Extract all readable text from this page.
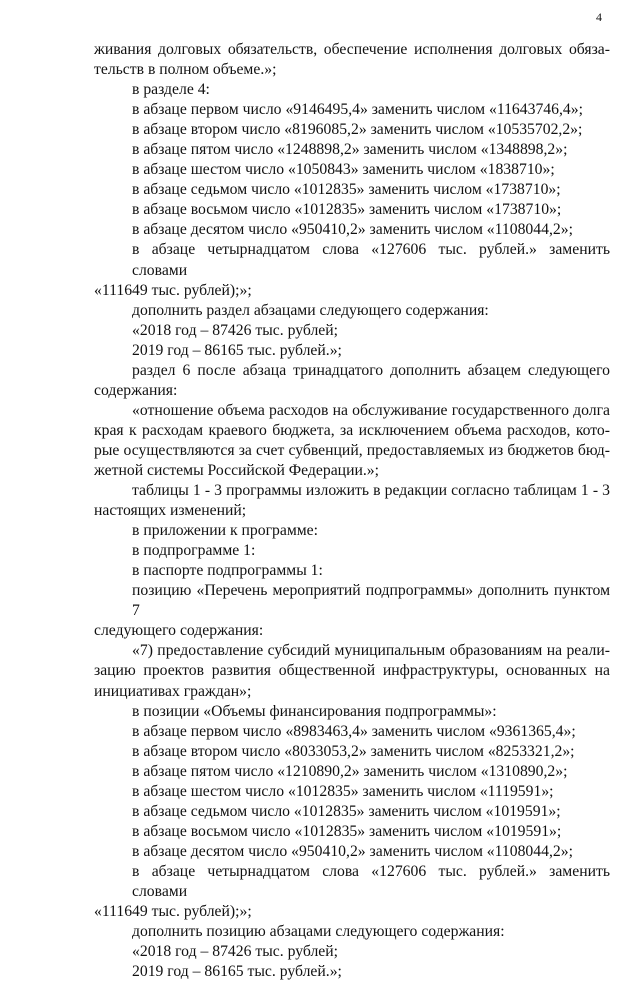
4
живания долговых обязательств, обеспечение исполнения долговых обяза-
тельств в полном объеме.»;
в разделе 4:
в абзаце первом число «9146495,4» заменить числом «11643746,4»;
в абзаце втором число «8196085,2» заменить числом «10535702,2»;
в абзаце пятом число «1248898,2» заменить числом «1348898,2»;
в абзаце шестом число «1050843» заменить числом «1838710»;
в абзаце седьмом число «1012835» заменить числом «1738710»;
в абзаце восьмом число «1012835» заменить числом «1738710»;
в абзаце десятом число «950410,2» заменить числом «1108044,2»;
в абзаце четырнадцатом слова «127606 тыс. рублей.» заменить словами
«111649 тыс. рублей);»;
дополнить раздел абзацами следующего содержания:
«2018 год – 87426 тыс. рублей;
2019 год – 86165 тыс. рублей.»;
раздел 6 после абзаца тринадцатого дополнить абзацем следующего
содержания:
«отношение объема расходов на обслуживание государственного долга
края к расходам краевого бюджета, за исключением объема расходов, кото-
рые осуществляются за счет субвенций, предоставляемых из бюджетов бюд-
жетной системы Российской Федерации.»;
таблицы 1 - 3 программы изложить в редакции согласно таблицам 1 - 3
настоящих изменений;
в приложении к программе:
в подпрограмме 1:
в паспорте подпрограммы 1:
позицию «Перечень мероприятий подпрограммы» дополнить пунктом 7
следующего содержания:
«7) предоставление субсидий муниципальным образованиям на реали-
зацию проектов развития общественной инфраструктуры, основанных на
инициативах граждан»;
в позиции «Объемы финансирования подпрограммы»:
в абзаце первом число «8983463,4» заменить числом «9361365,4»;
в абзаце втором число «8033053,2» заменить числом «8253321,2»;
в абзаце пятом число «1210890,2» заменить числом «1310890,2»;
в абзаце шестом число «1012835» заменить числом «1119591»;
в абзаце седьмом число «1012835» заменить числом «1019591»;
в абзаце восьмом число «1012835» заменить числом «1019591»;
в абзаце десятом число «950410,2» заменить числом «1108044,2»;
в абзаце четырнадцатом слова «127606 тыс. рублей.» заменить словами
«111649 тыс. рублей);»;
дополнить позицию абзацами следующего содержания:
«2018 год – 87426 тыс. рублей;
2019 год – 86165 тыс. рублей.»;
